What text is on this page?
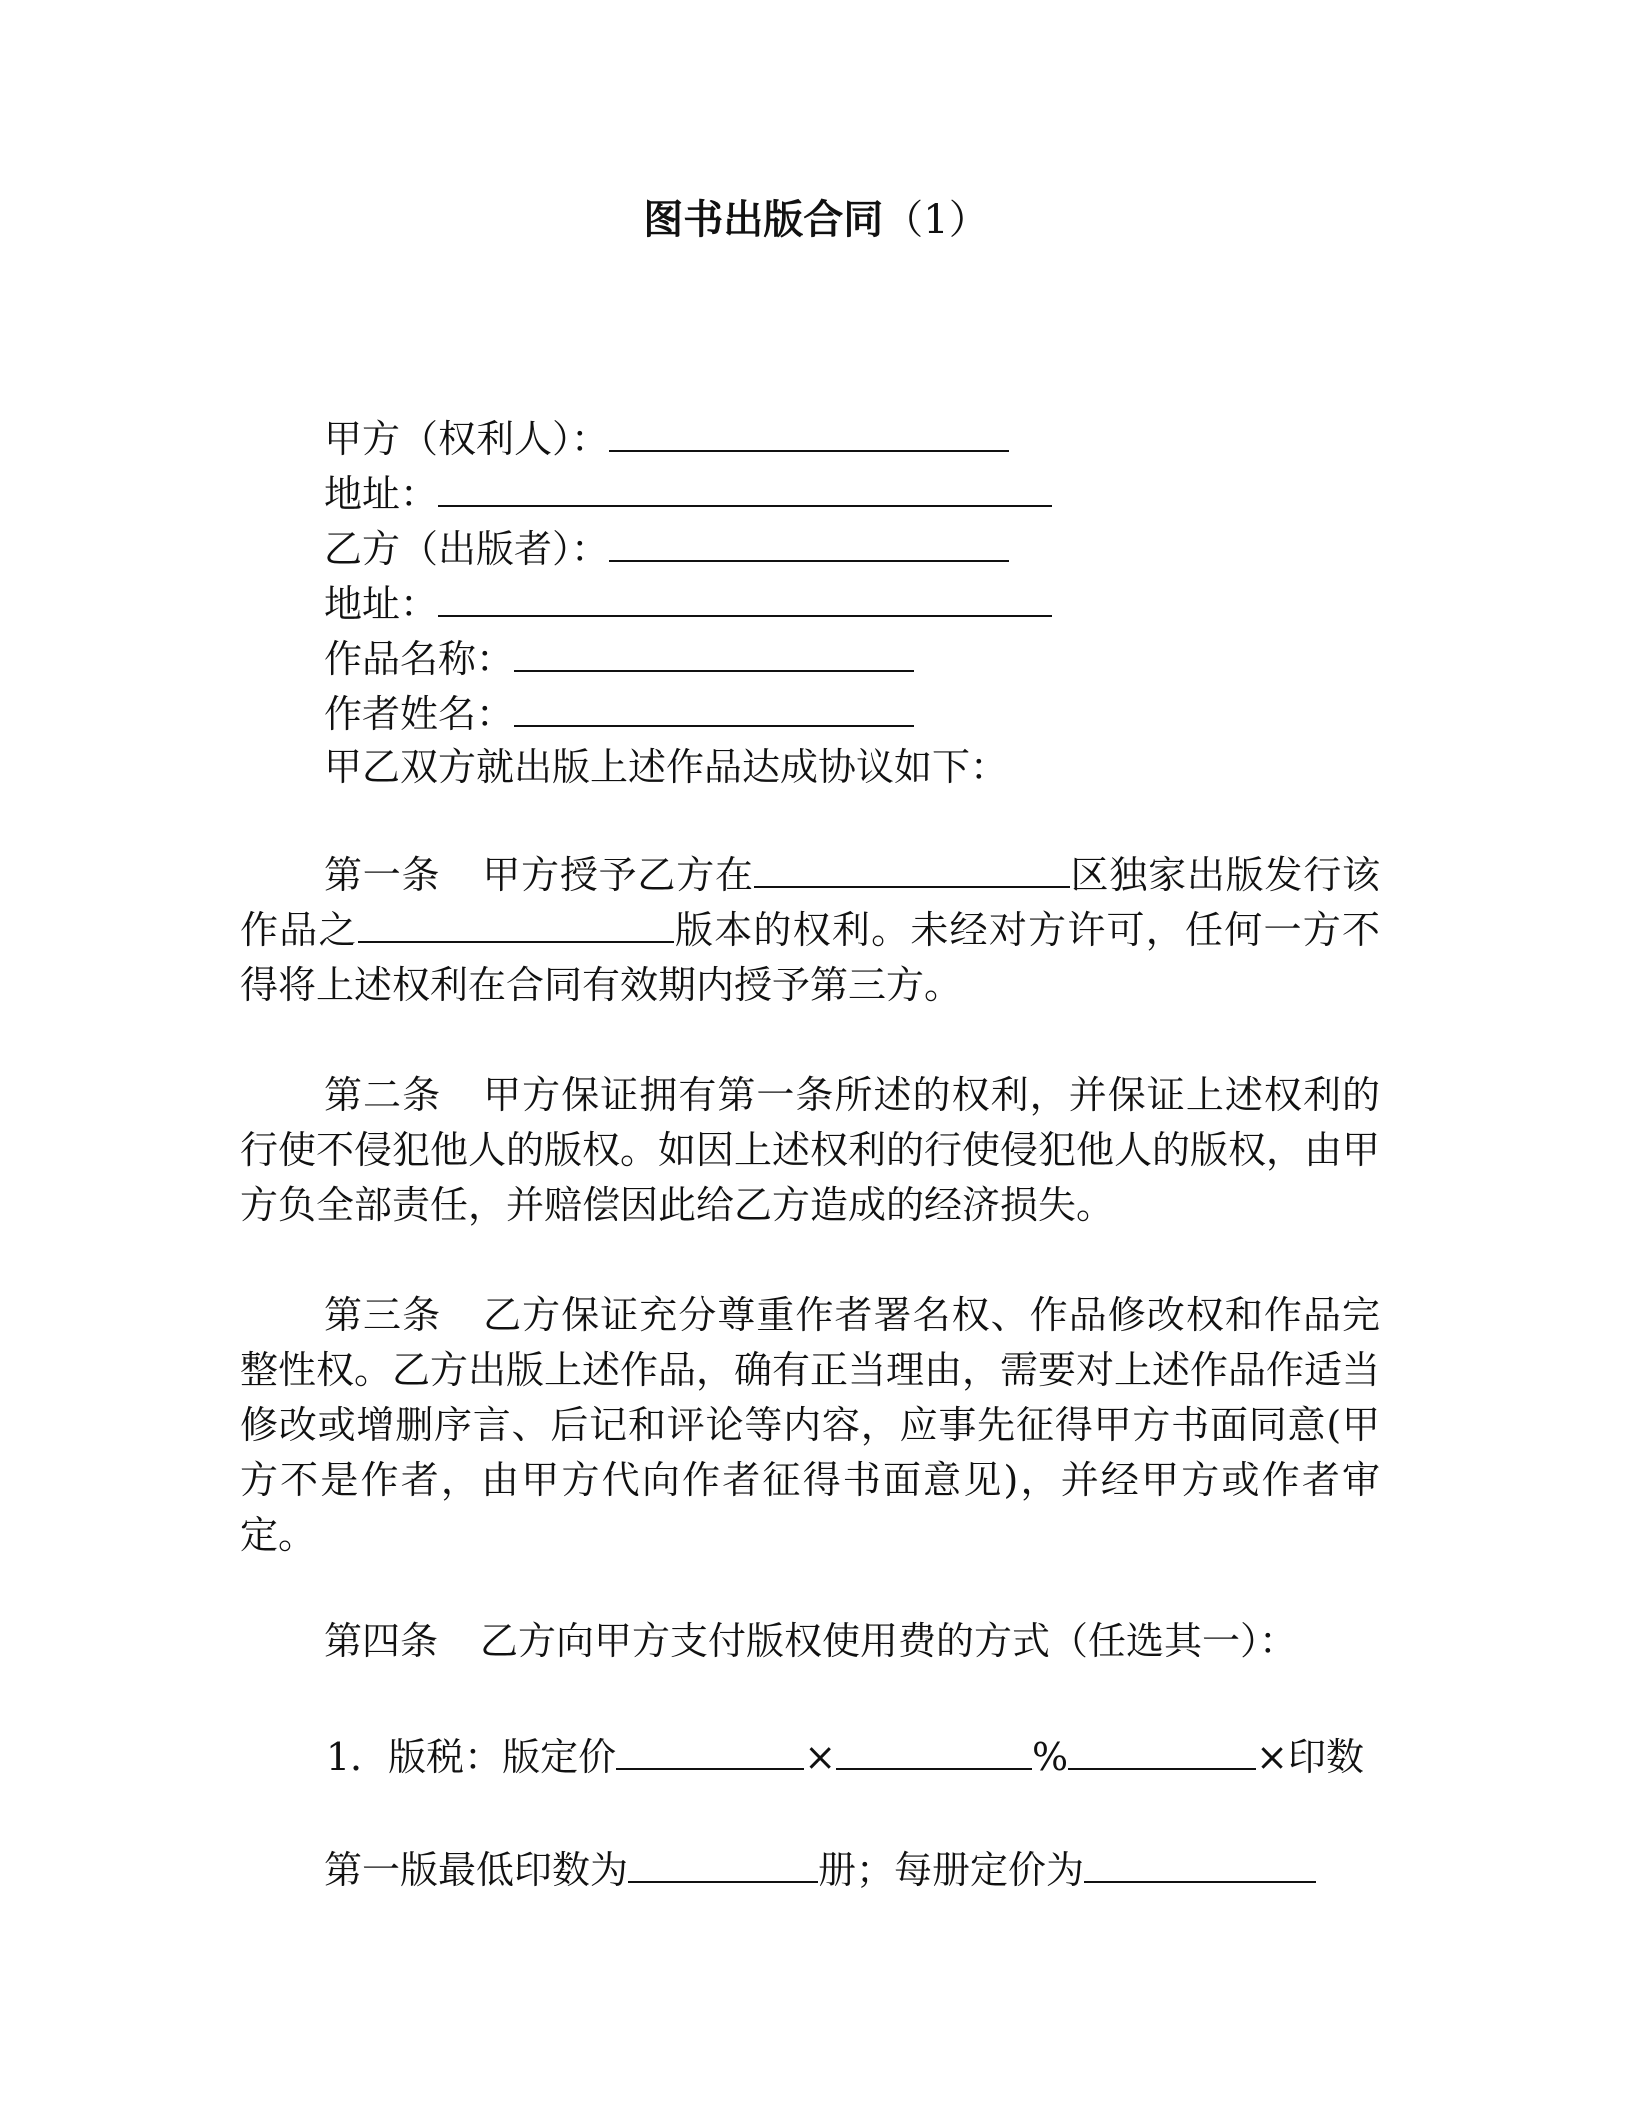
图书出版合同（1）
甲方（权利人）：
地址：
乙方（出版者）：
地址：
作品名称：
作者姓名：
甲乙双方就出版上述作品达成协议如下：
第一条 甲方授予乙方在	区独家出版发行该作品之	版本的权利。未经对方许可，任何一方不得将上述权利在合同有效期内授予第三方。
第二条 甲方保证拥有第一条所述的权利，并保证上述权利的行使不侵犯他人的版权。如因上述权利的行使侵犯他人的版权，由甲方负全部责任，并赔偿因此给乙方造成的经济损失。
第三条 乙方保证充分尊重作者署名权、作品修改权和作品完整性权。乙方出版上述作品，确有正当理由，需要对上述作品作适当修改或增删序言、后记和评论等内容，应事先征得甲方书面同意(甲方不是作者，由甲方代向作者征得书面意见)，并经甲方或作者审定。
第四条 乙方向甲方支付版权使用费的方式（任选其一）：
1．版税：版定价	×	%	×印数
第一版最低印数为	册；每册定价为
